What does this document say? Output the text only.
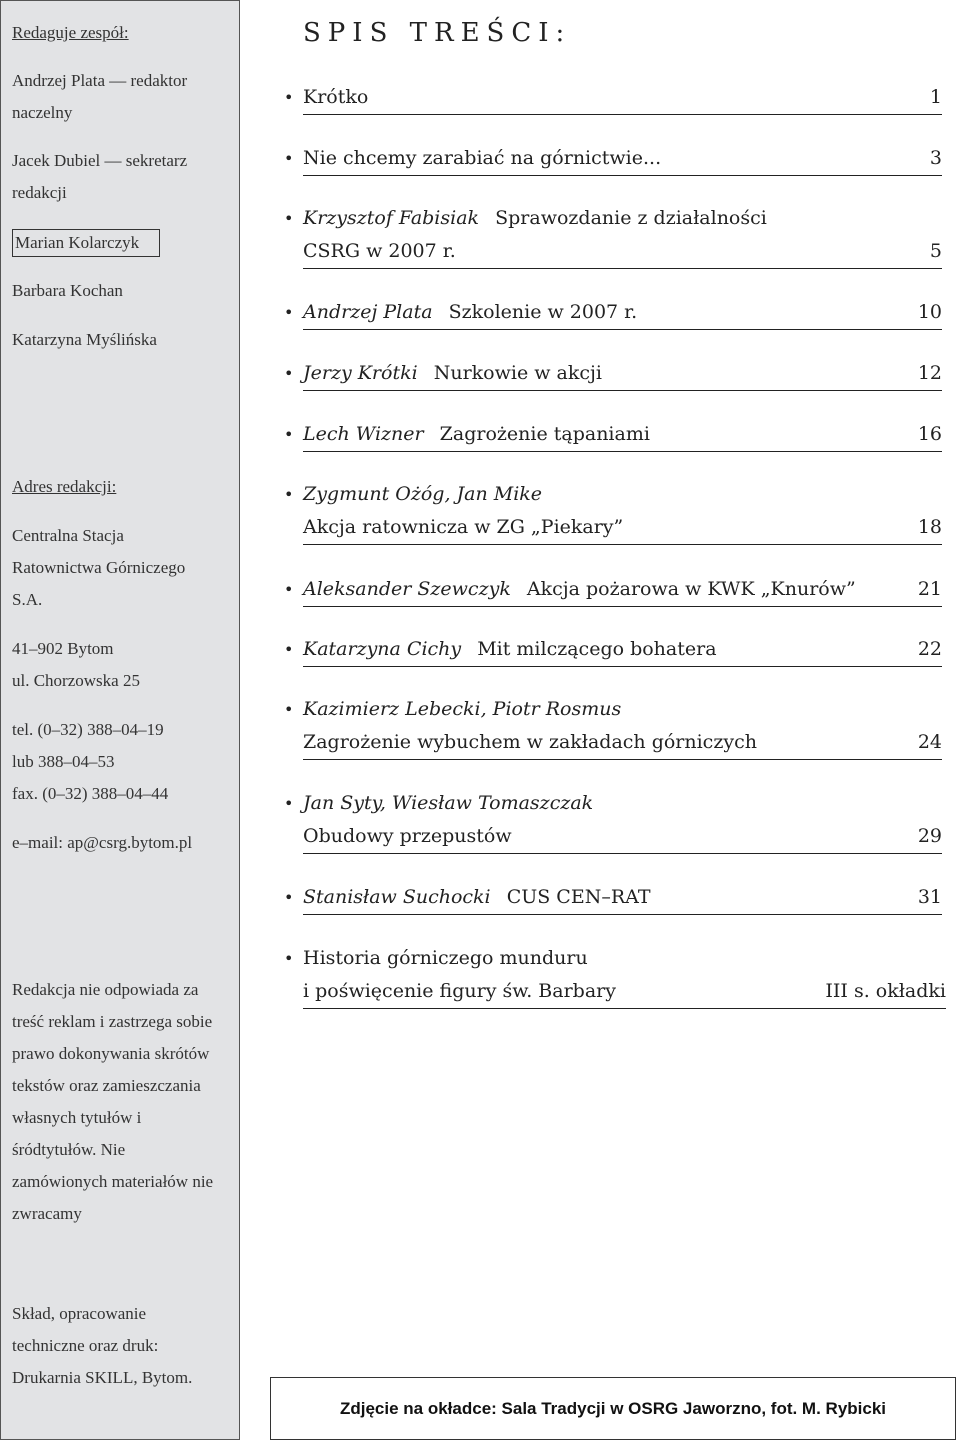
Redaguje zespół:
Andrzej Plata — redaktor naczelny
Jacek Dubiel — sekretarz redakcji
Marian Kolarczyk
Barbara Kochan
Katarzyna Myślińska
Adres redakcji:
Centralna Stacja Ratownictwa Górniczego S.A.
41–902 Bytom
ul. Chorzowska 25
tel. (0–32) 388–04–19
lub 388–04–53
fax. (0–32) 388–04–44
e–mail: ap@csrg.bytom.pl
Redakcja nie odpowiada za treść reklam i zastrzega sobie prawo dokonywania skrótów tekstów oraz zamieszczania własnych tytułów i śródtytułów. Nie zamówionych materiałów nie zwracamy
Skład, opracowanie techniczne oraz druk: Drukarnia SKILL, Bytom.
SPIS TREŚCI:
• Krótko	1
• Nie chcemy zarabiać na górnictwie...	3
• Krzysztof Fabisiak Sprawozdanie z działalności
CSRG w 2007 r.	5
• Andrzej Plata Szkolenie w 2007 r.	10
• Jerzy Krótki Nurkowie w akcji	12
• Lech Wizner Zagrożenie tąpaniami	16
• Zygmunt Ożóg, Jan Mike
Akcja ratownicza w ZG „Piekary”	18
• Aleksander Szewczyk Akcja pożarowa w KWK „Knurów”	21
• Katarzyna Cichy Mit milczącego bohatera	22
• Kazimierz Lebecki, Piotr Rosmus
Zagrożenie wybuchem w zakładach górniczych	24
• Jan Syty, Wiesław Tomaszczak
Obudowy przepustów	29
• Stanisław Suchocki CUS CEN–RAT	31
• Historia górniczego munduru
i poświęcenie figury św. Barbary	III s. okładki
Zdjęcie na okładce: Sala Tradycji w OSRG Jaworzno, fot. M. Rybicki
